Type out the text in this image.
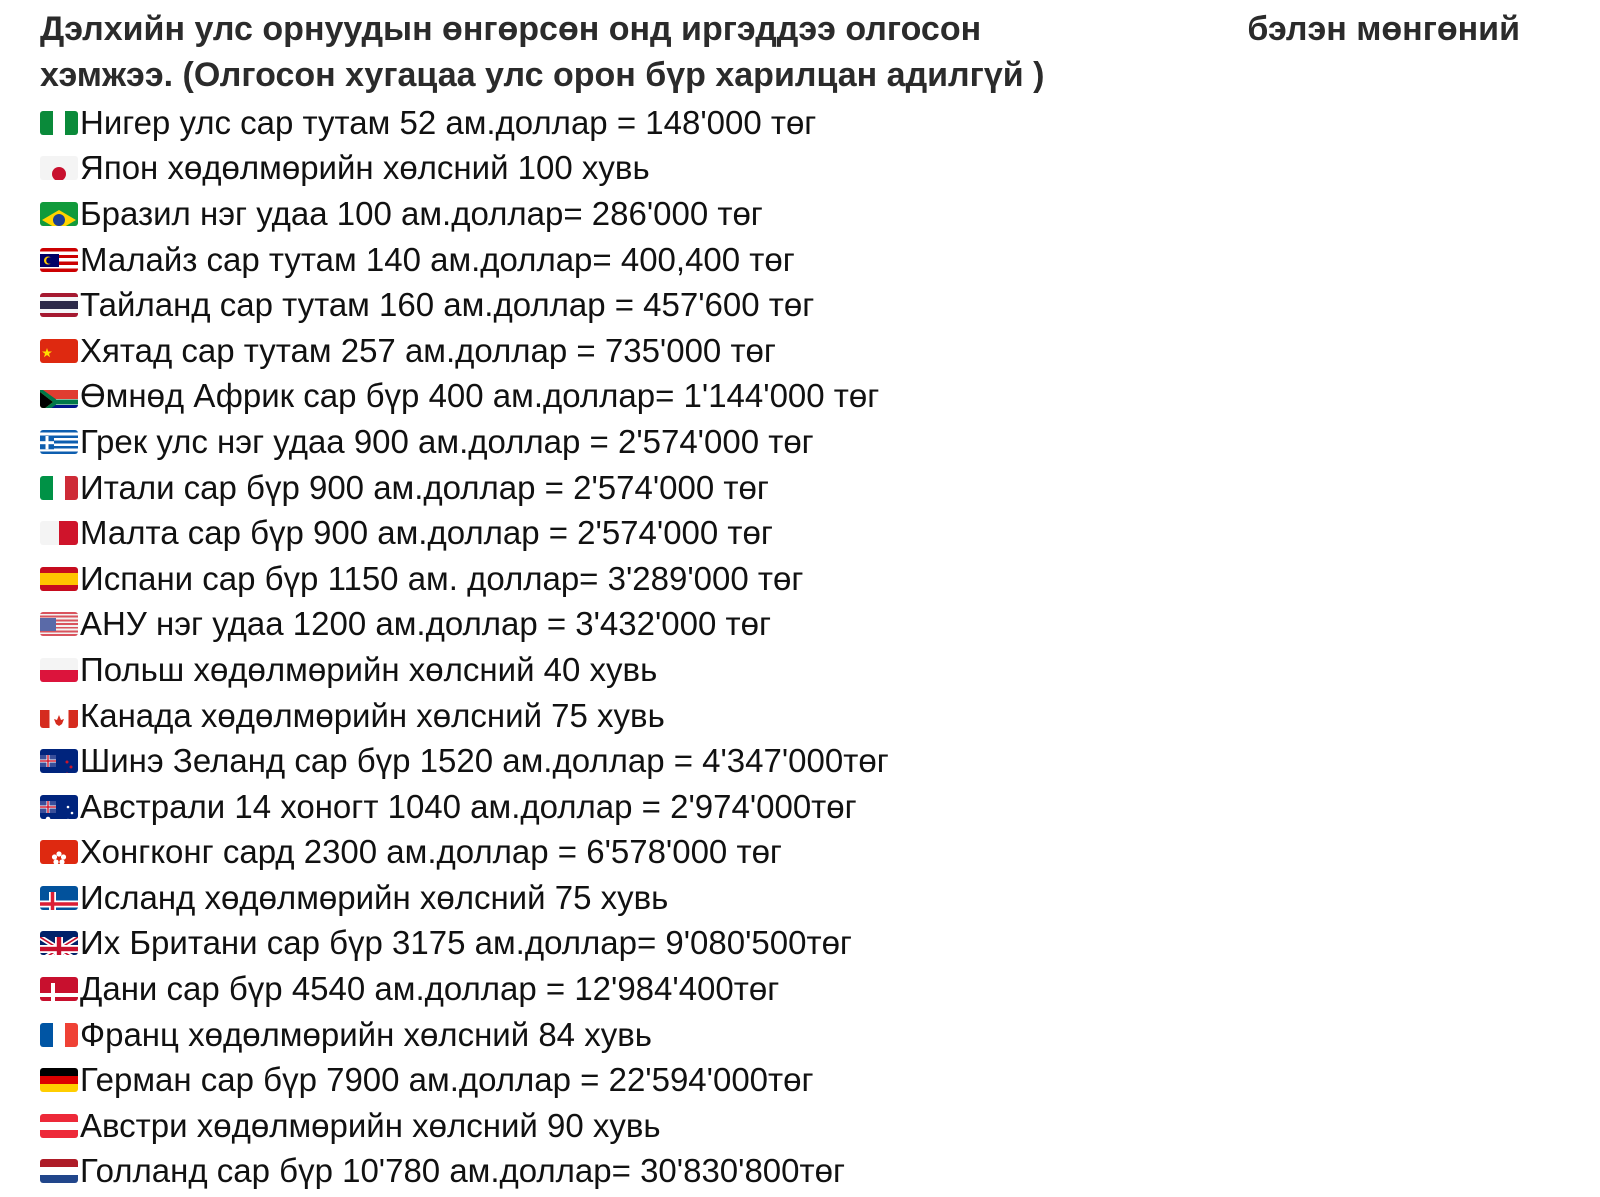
Дэлхийн улс орнуудын өнгөрсөн онд иргэддээ олгосон	бэлэн мөнгөний
хэмжээ. (Олгосон хугацаа улс орон бүр харилцан адилгүй )
Нигер улс сар тутам 52 ам.доллар = 148'000 төг
Япон хөдөлмөрийн хөлсний 100 хувь
Бразил нэг удаа 100 ам.доллар= 286'000 төг
Малайз сар тутам 140 ам.доллар= 400,400 төг
Тайланд сар тутам 160 ам.доллар = 457'600 төг
Хятад сар тутам 257 ам.доллар = 735'000 төг
Өмнөд Африк сар бүр 400 ам.доллар= 1'144'000 төг
Грек улс нэг удаа 900 ам.доллар = 2'574'000 төг
Итали сар бүр 900 ам.доллар = 2'574'000 төг
Малта сар бүр 900 ам.доллар = 2'574'000 төг
Испани сар бүр 1150 ам. доллар= 3'289'000 төг
АНУ нэг удаа 1200 ам.доллар = 3'432'000 төг
Польш хөдөлмөрийн хөлсний 40 хувь
Канада хөдөлмөрийн хөлсний 75 хувь
Шинэ Зеланд сар бүр 1520 ам.доллар = 4'347'000төг
Австрали 14 хоногт 1040 ам.доллар = 2'974'000төг
Хонгконг сард 2300 ам.доллар = 6'578'000 төг
Исланд хөдөлмөрийн хөлсний 75 хувь
Их Британи сар бүр 3175 ам.доллар= 9'080'500төг
Дани сар бүр 4540 ам.доллар = 12'984'400төг
Франц хөдөлмөрийн хөлсний 84 хувь
Герман сар бүр 7900 ам.доллар = 22'594'000төг
Австри хөдөлмөрийн хөлсний 90 хувь
Голланд сар бүр 10'780 ам.доллар= 30'830'800төг
